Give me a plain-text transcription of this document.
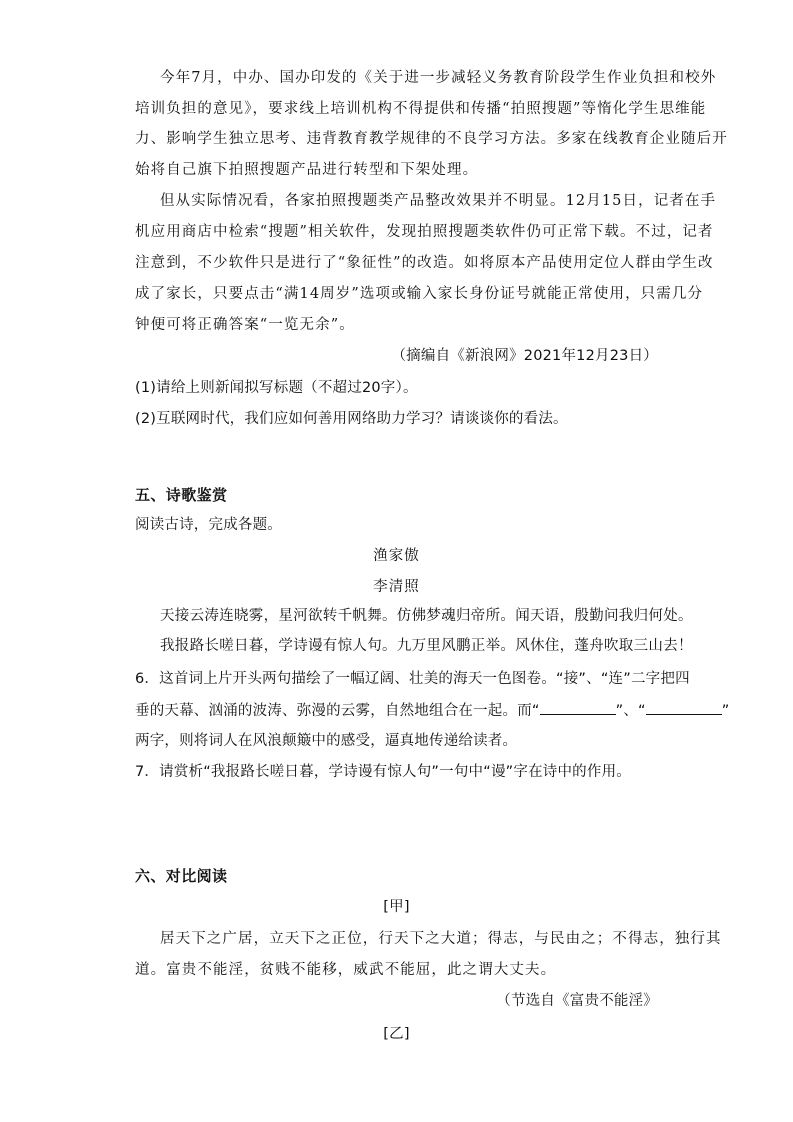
今年7月，中办、国办印发的《关于进一步减轻义务教育阶段学生作业负担和校外
培训负担的意见》，要求线上培训机构不得提供和传播“拍照搜题”等惰化学生思维能
力、影响学生独立思考、违背教育教学规律的不良学习方法。多家在线教育企业随后开
始将自己旗下拍照搜题产品进行转型和下架处理。
但从实际情况看，各家拍照搜题类产品整改效果并不明显。12月15日，记者在手
机应用商店中检索“搜题”相关软件，发现拍照搜题类软件仍可正常下载。不过，记者
注意到，不少软件只是进行了“象征性”的改造。如将原本产品使用定位人群由学生改
成了家长，只要点击“满14周岁”选项或输入家长身份证号就能正常使用，只需几分
钟便可将正确答案“一览无余”。
（摘编自《新浪网》2021年12月23日）
(1)请给上则新闻拟写标题（不超过20字）。
(2)互联网时代，我们应如何善用网络助力学习？请谈谈你的看法。
五、诗歌鉴赏
阅读古诗，完成各题。
渔家傲
李清照
天接云涛连晓雾，星河欲转千帆舞。仿佛梦魂归帝所。闻天语，殷勤问我归何处。
我报路长嗟日暮，学诗谩有惊人句。九万里风鹏正举。风休住，蓬舟吹取三山去！
6．这首词上片开头两句描绘了一幅辽阔、壮美的海天一色图卷。“接”、“连”二字把四
垂的天幕、汹涌的波涛、弥漫的云雾，自然地组合在一起。而“	”、“	”
两字，则将词人在风浪颠簸中的感受，逼真地传递给读者。
7．请赏析“我报路长嗟日暮，学诗谩有惊人句”一句中“谩”字在诗中的作用。
六、对比阅读
[甲]
居天下之广居，立天下之正位，行天下之大道；得志，与民由之；不得志，独行其
道。富贵不能淫，贫贱不能移，威武不能屈，此之谓大丈夫。
（节选自《富贵不能淫》
[乙]
